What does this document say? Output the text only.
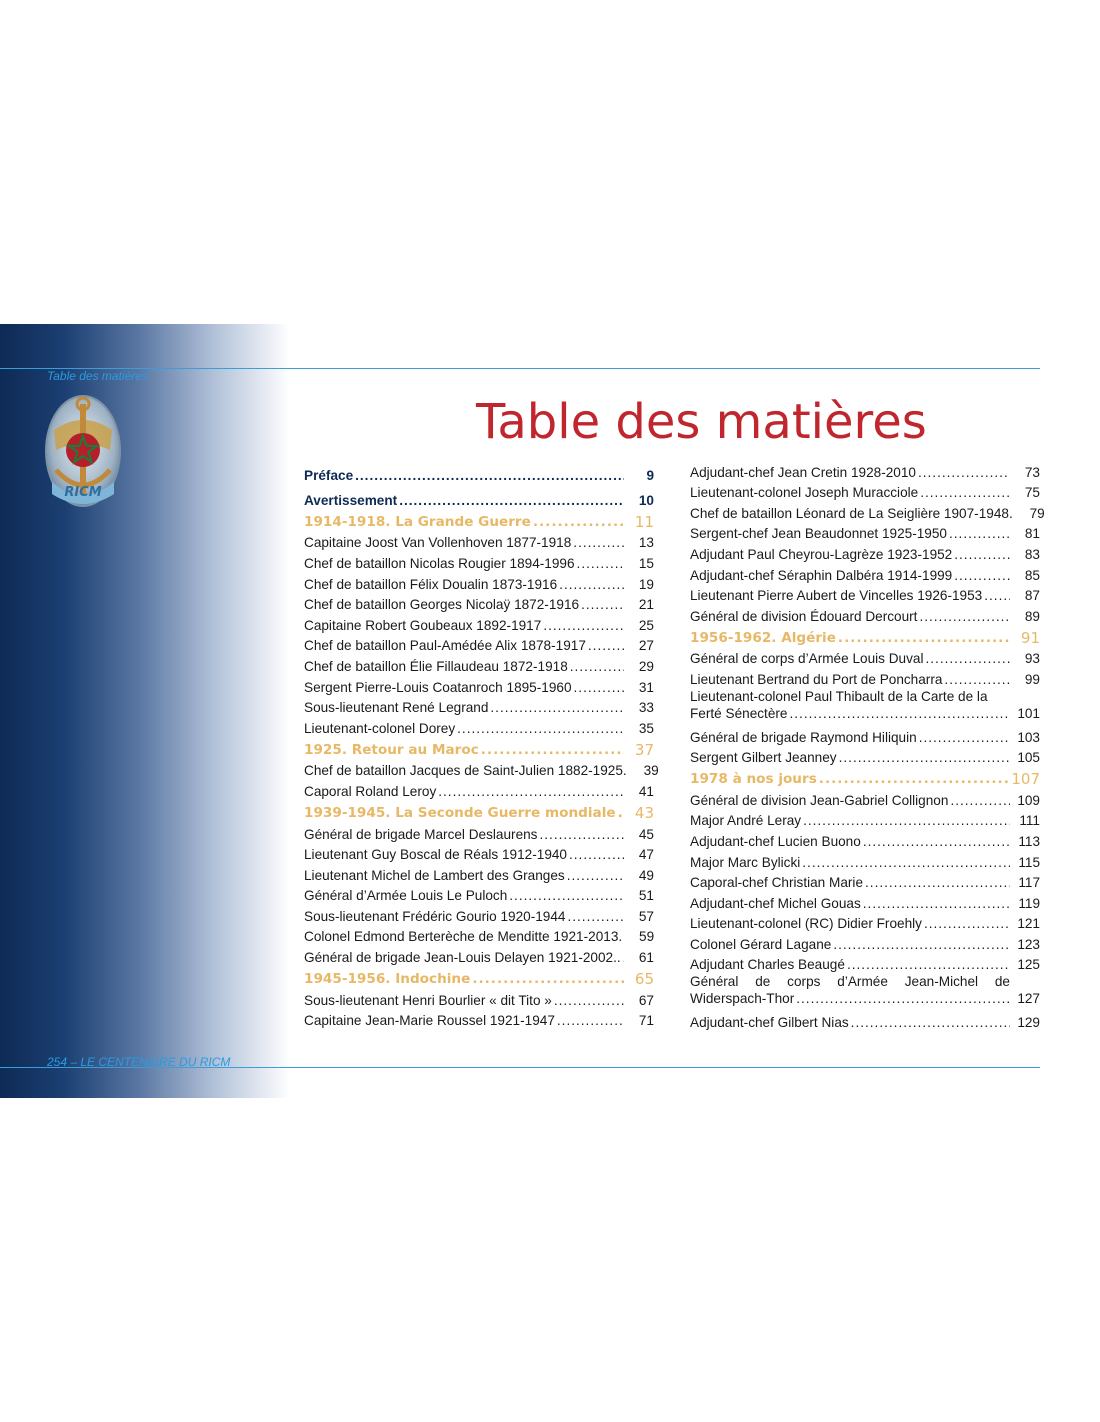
Table des matières
RICM
Table des matières
Préface .....	9
Avertissement .....	10
1914-1918. La Grande Guerre .....	11
Capitaine Joost Van Vollenhoven 1877-1918 .....	13
Chef de bataillon Nicolas Rougier 1894-1996 .....	15
Chef de bataillon Félix Doualin 1873-1916 .....	19
Chef de bataillon Georges Nicolaÿ 1872-1916 .....	21
Capitaine Robert Goubeaux 1892-1917 .....	25
Chef de bataillon Paul-Amédée Alix 1878-1917 .....	27
Chef de bataillon Élie Fillaudeau 1872-1918 .....	29
Sergent Pierre-Louis Coatanroch 1895-1960 .....	31
Sous-lieutenant René Legrand .....	33
Lieutenant-colonel Dorey .....	35
1925. Retour au Maroc .....	37
Chef de bataillon Jacques de Saint-Julien 1882-1925.	39
Caporal Roland Leroy .....	41
1939-1945. La Seconde Guerre mondiale .....	43
Général de brigade Marcel Deslaurens .....	45
Lieutenant Guy Boscal de Réals 1912-1940 .....	47
Lieutenant Michel de Lambert des Granges .....	49
Général d’Armée Louis Le Puloch .....	51
Sous-lieutenant Frédéric Gourio 1920-1944 .....	57
Colonel Edmond Berterèche de Menditte 1921-2013.	59
Général de brigade Jean-Louis Delayen 1921-2002.. .....	61
1945-1956. Indochine .....	65
Sous-lieutenant Henri Bourlier « dit Tito » .....	67
Capitaine Jean-Marie Roussel 1921-1947 .....	71
Adjudant-chef Jean Cretin 1928-2010 .....	73
Lieutenant-colonel Joseph Muracciole .....	75
Chef de bataillon Léonard de La Seiglière 1907-1948.	79
Sergent-chef Jean Beaudonnet 1925-1950 .....	81
Adjudant Paul Cheyrou-Lagrèze 1923-1952 .....	83
Adjudant-chef Séraphin Dalbéra 1914-1999 .....	85
Lieutenant Pierre Aubert de Vincelles 1926-1953 .....	87
Général de division Édouard Dercourt .....	89
1956-1962. Algérie .....	91
Général de corps d’Armée Louis Duval .....	93
Lieutenant Bertrand du Port de Poncharra .....	99
Lieutenant-colonel Paul Thibault de la Carte de la
Ferté Sénectère .....	101
Général de brigade Raymond Hiliquin .....	103
Sergent Gilbert Jeanney .....	105
1978 à nos jours .....	107
Général de division Jean-Gabriel Collignon .....	109
Major André Leray .....	111
Adjudant-chef Lucien Buono .....	113
Major Marc Bylicki .....	115
Caporal-chef Christian Marie .....	117
Adjudant-chef Michel Gouas .....	119
Lieutenant-colonel (RC) Didier Froehly .....	121
Colonel Gérard Lagane .....	123
Adjudant Charles Beaugé .....	125
Général de corps d’Armée Jean-Michel de
Widerspach-Thor .....	127
Adjudant-chef Gilbert Nias .....	129
254 – LE CENTENAIRE DU RICM
